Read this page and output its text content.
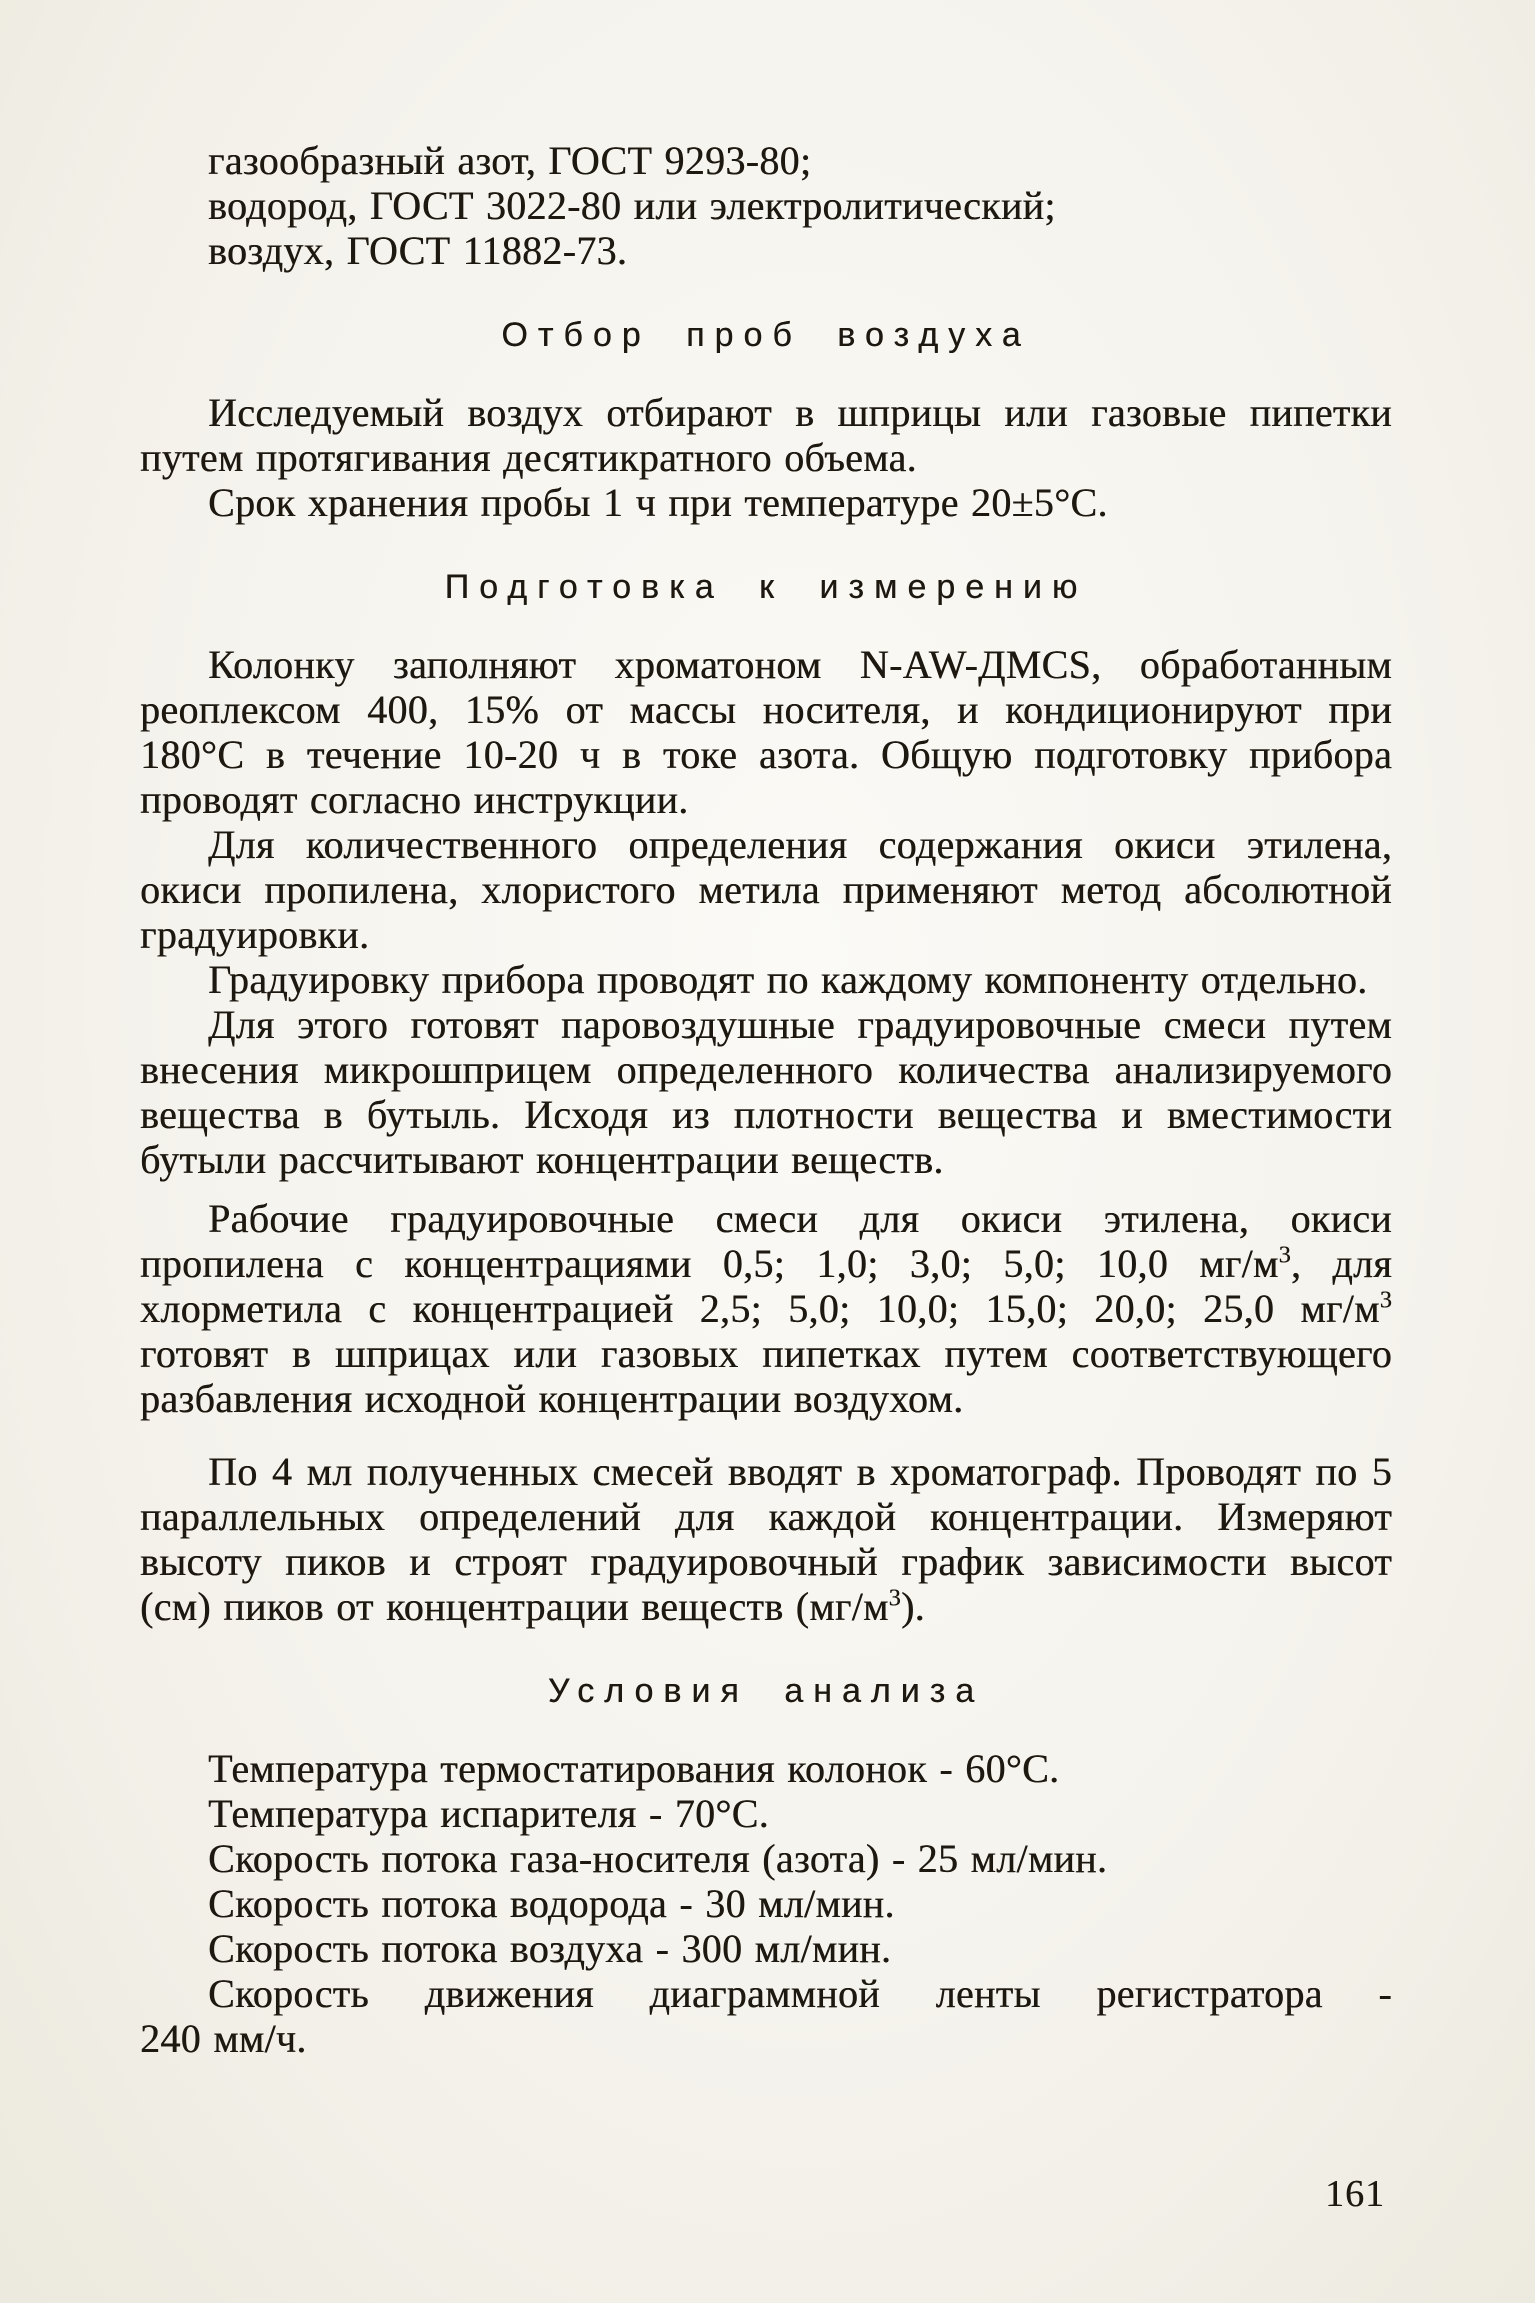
газообразный азот, ГОСТ 9293-80;
водород, ГОСТ 3022-80 или электролитический;
воздух, ГОСТ 11882-73.
Отбор проб воздуха

Исследуемый воздух отбирают в шприцы или газовые пипетки путем протягивания десятикратного объема.

Срок хранения пробы 1 ч при температуре 20±5°С.

Подготовка к измерению

Колонку заполняют хроматоном N-AW-ДМCS, обработанным реоплексом 400, 15% от массы носителя, и кондиционируют при 180°С в течение 10-20 ч в токе азота. Общую подготовку прибора проводят согласно инструкции.

Для количественного определения содержания окиси этилена, окиси пропилена, хлористого метила применяют метод абсолютной градуировки.

Градуировку прибора проводят по каждому компоненту отдельно.

Для этого готовят паровоздушные градуировочные смеси путем внесения микрошприцем определенного количества анализируемого вещества в бутыль. Исходя из плотности вещества и вместимости бутыли рассчитывают концентрации веществ.

Рабочие градуировочные смеси для окиси этилена, окиси пропилена с концентрациями 0,5; 1,0; 3,0; 5,0; 10,0 $мг/м^3$, для хлорметила с концентрацией 2,5; 5,0; 10,0; 15,0; 20,0; 25,0 $мг/м^3$ готовят в шприцах или газовых пипетках путем соответствующего разбавления исходной концентрации воздухом.

По 4 мл полученных смесей вводят в хроматограф. Проводят по 5 параллельных определений для каждой концентрации. Измеряют высоту пиков и строят градуировочный график зависимости высот (см) пиков от концентрации веществ $(мг/м^3)$.

Условия анализа

Температура термостатирования колонок - 60°С.

Температура испарителя - 70°С.

Скорость потока газа-носителя (азота) - 25 мл/мин.

Скорость потока водорода - 30 мл/мин.

Скорость потока воздуха - 300 мл/мин.

Скорость движения диаграммной ленты регистратора -

240 мм/ч.

161
